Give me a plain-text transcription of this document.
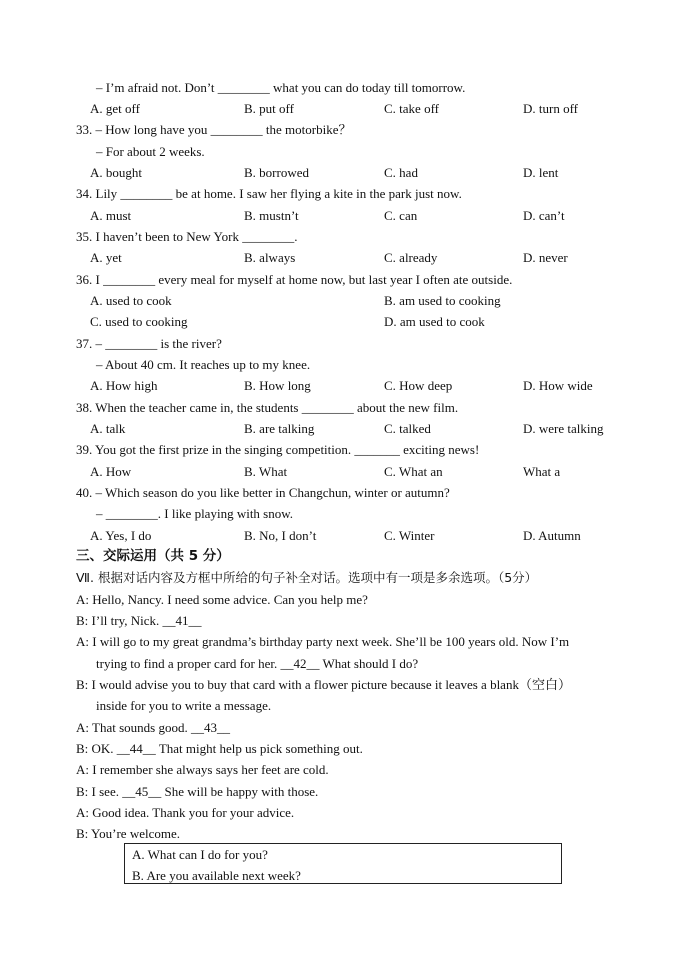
– I’m afraid not. Don’t ________ what you can do today till tomorrow.
A. get off	B. put off	C. take off	D. turn off
33. – How long have you ________ the motorbike？
– For about 2 weeks.
A. bought	B. borrowed	C. had	D. lent
34. Lily ________ be at home. I saw her flying a kite in the park just now.
A. must	B. mustn’t	C. can	D. can’t
35. I haven’t been to New York ________.
A. yet	B. always	C. already	D. never
36. I ________ every meal for myself at home now, but last year I often ate outside.
A. used to cook	B. am used to cooking
C. used to cooking	D. am used to cook
37. – ________ is the river?
– About 40 cm. It reaches up to my knee.
A. How high	B. How long	C. How deep	D. How wide
38. When the teacher came in, the students ________ about the new film.
A. talk	B. are talking	C. talked	D. were talking
39. You got the first prize in the singing competition. _______ exciting news!
A. How	B. What	C. What an	What a
40. – Which season do you like better in Changchun, winter or autumn?
– ________. I like playing with snow.
A. Yes, I do	B. No, I don’t	C. Winter	D. Autumn
三、交际运用（共 5 分）
Ⅶ. 根据对话内容及方框中所给的句子补全对话。选项中有一项是多余选项。（5分）
A: Hello, Nancy. I need some advice. Can you help me?
B: I’ll try, Nick. __41__
A: I will go to my great grandma’s birthday party next week. She’ll be 100 years old. Now I’m
trying to find a proper card for her. __42__ What should I do?
B: I would advise you to buy that card with a flower picture because it leaves a blank（空白）
inside for you to write a message.
A: That sounds good. __43__
B: OK. __44__ That might help us pick something out.
A: I remember she always says her feet are cold.
B: I see. __45__ She will be happy with those.
A: Good idea. Thank you for your advice.
B: You’re welcome.
A. What can I do for you?
B. Are you available next week?
